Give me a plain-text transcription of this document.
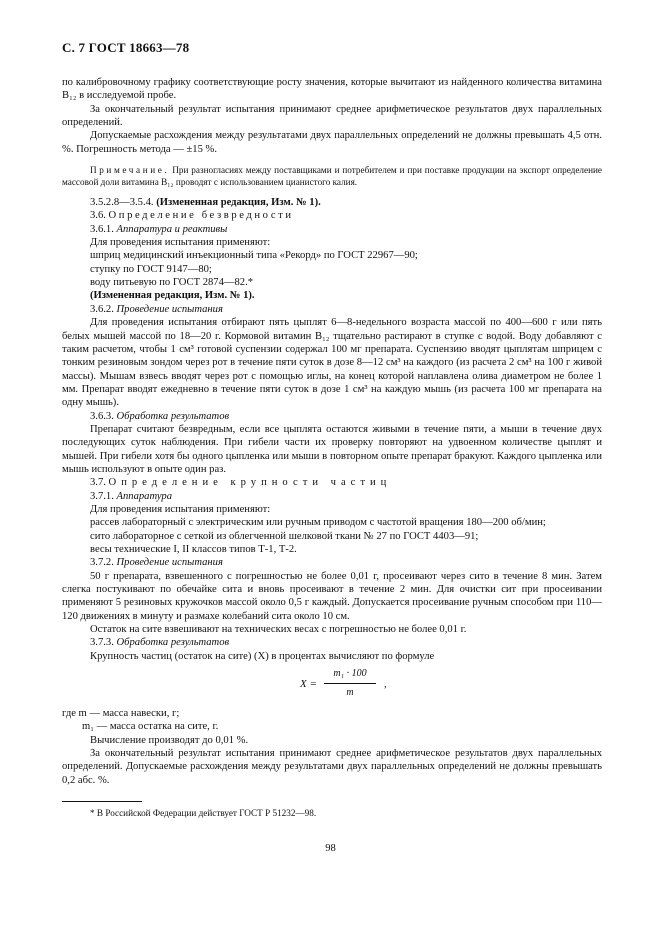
С. 7 ГОСТ 18663—78

по калибровочному графику соответствующие росту значения, которые вычитают из найденного количества витамина B₁₂ в исследуемой пробе.

За окончательный результат испытания принимают среднее арифметическое результатов двух параллельных определений.

Допускаемые расхождения между результатами двух параллельных определений не должны превышать 4,5 отн. %. Погрешность метода — ±15 %.

Примечание. При разногласиях между поставщиками и потребителем и при поставке продукции на экспорт определение массовой доли витамина B₁₂ проводят с использованием цианистого калия.

3.5.2.8—3.5.4. (Измененная редакция, Изм. № 1).

3.6. Определение безвредности

3.6.1. Аппаратура и реактивы

Для проведения испытания применяют:

шприц медицинский инъекционный типа «Рекорд» по ГОСТ 22967—90;

ступку по ГОСТ 9147—80;

воду питьевую по ГОСТ 2874—82.*

(Измененная редакция, Изм. № 1).

3.6.2. Проведение испытания

Для проведения испытания отбирают пять цыплят 6—8-недельного возраста массой по 400—600 г или пять белых мышей массой по 18—20 г. Кормовой витамин B₁₂ тщательно растирают в ступке с водой. Воду добавляют с таким расчетом, чтобы 1 см³ готовой суспензии содержал 100 мг препарата. Суспензию вводят цыплятам шприцем с тонким резиновым зондом через рот в течение пяти суток в дозе 8—12 см³ на каждого (из расчета 2 см³ на 100 г живой массы). Мышам взвесь вводят через рот с помощью иглы, на конец которой наплавлена олива диаметром не более 1 мм. Препарат вводят ежедневно в течение пяти суток в дозе 1 см³ на каждую мышь (из расчета 100 мг препарата на одну мышь).

3.6.3. Обработка результатов

Препарат считают безвредным, если все цыплята остаются живыми в течение пяти, а мыши в течение двух последующих суток наблюдения. При гибели части их проверку повторяют на удвоенном количестве цыплят и мышей. При гибели хотя бы одного цыпленка или мыши в повторном опыте препарат бракуют. Каждого цыпленка или мышь используют в опыте один раз.

3.7. Определение крупности частиц

3.7.1. Аппаратура

Для проведения испытания применяют:

рассев лабораторный с электрическим или ручным приводом с частотой вращения 180—200 об/мин;

сито лабораторное с сеткой из облегченной шелковой ткани № 27 по ГОСТ 4403—91;

весы технические I, II классов типов Т-1, Т-2.

3.7.2. Проведение испытания

50 г препарата, взвешенного с погрешностью не более 0,01 г, просеивают через сито в течение 8 мин. Затем слегка постукивают по обечайке сита и вновь просеивают в течение 2 мин. Для очистки сит при просеивании применяют 5 резиновых кружочков массой около 0,5 г каждый. Допускается просеивание ручным способом при 110—120 движениях в минуту и размахе колебаний сита около 10 см.

Остаток на сите взвешивают на технических весах с погрешностью не более 0,01 г.

3.7.3. Обработка результатов

Крупность частиц (остаток на сите) (X) в процентах вычисляют по формуле

X =
m₁ · 100
m
,

где m — масса навески, г;

m₁ — масса остатка на сите, г.

Вычисление производят до 0,01 %.

За окончательный результат испытания принимают среднее арифметическое результатов двух параллельных определений. Допускаемые расхождения между результатами двух параллельных определений не должны превышать 0,2 абс. %.

* В Российской Федерации действует ГОСТ Р 51232—98.
98
